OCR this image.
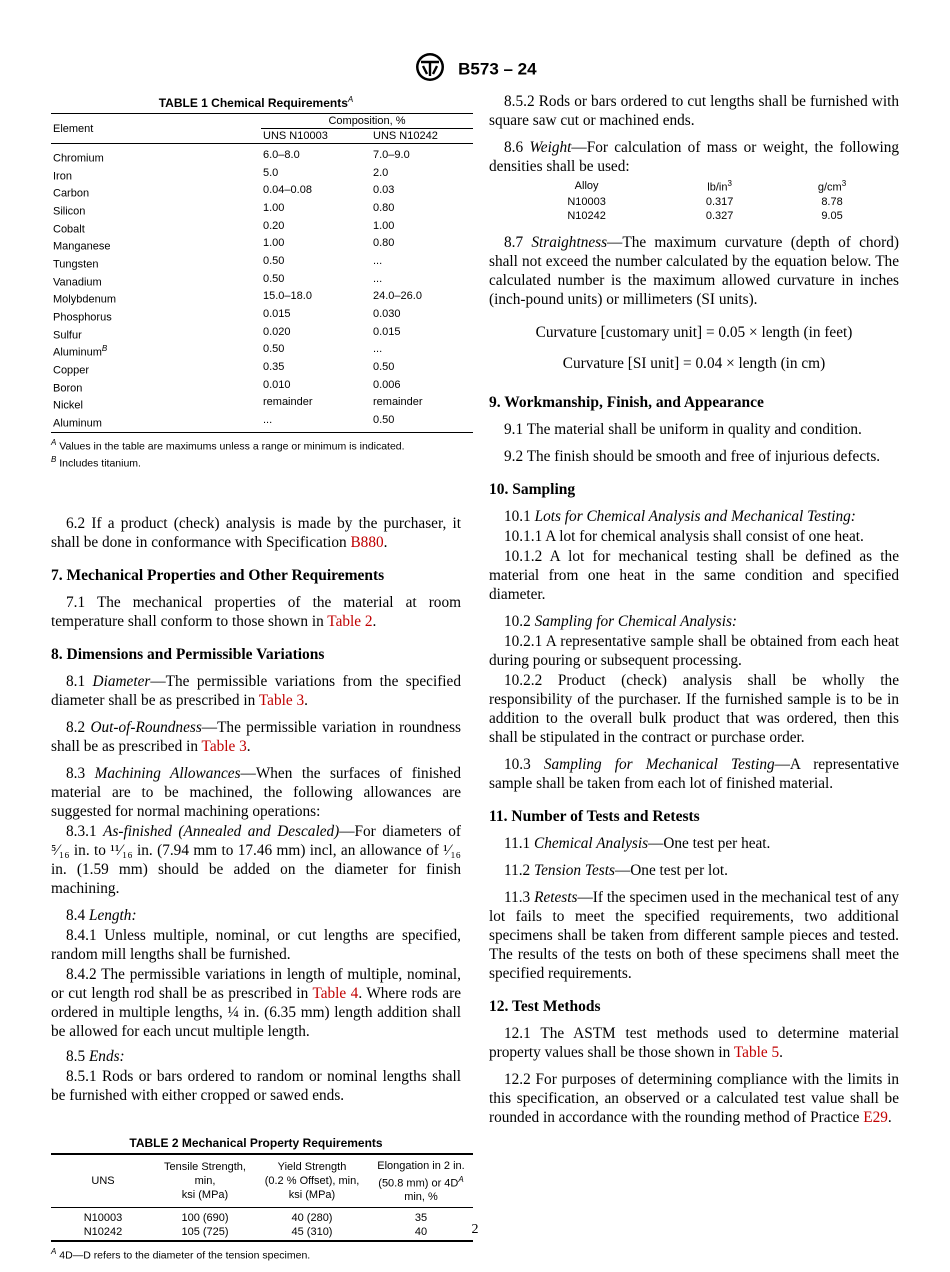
B573 – 24
TABLE 1 Chemical Requirements$^A$
Element	Composition, %	
	UNS N10003	UNS N10242
Chromium	6.0–8.0	7.0–9.0
Iron	5.0	2.0
Carbon	0.04–0.08	0.03
Silicon	1.00	0.80
Cobalt	0.20	1.00
Manganese	1.00	0.80
Tungsten	0.50	...
Vanadium	0.50	...
Molybdenum	15.0–18.0	24.0–26.0
Phosphorus	0.015	0.030
Sulfur	0.020	0.015
Aluminum$^B$	0.50	...
Copper	0.35	0.50
Boron	0.010	0.006
Nickel	remainder	remainder
Aluminum	...	0.50

$^A$ Values in the table are maximums unless a range or minimum is indicated.

$^B$ Includes titanium.

6.2 If a product (check) analysis is made by the purchaser, it shall be done in conformance with Specification B880.

7. Mechanical Properties and Other Requirements

7.1 The mechanical properties of the material at room temperature shall conform to those shown in Table 2.

8. Dimensions and Permissible Variations

8.1 Diameter—The permissible variations from the specified diameter shall be as prescribed in Table 3.

8.2 Out-of-Roundness—The permissible variation in roundness shall be as prescribed in Table 3.

8.3 Machining Allowances—When the surfaces of finished material are to be machined, the following allowances are suggested for normal machining operations:

8.3.1 As-finished (Annealed and Descaled)—For diameters of ⁵⁄₁₆ in. to ¹¹⁄₁₆ in. (7.94 mm to 17.46 mm) incl, an allowance of ¹⁄₁₆ in. (1.59 mm) should be added on the diameter for finish machining.

8.4 Length:

8.4.1 Unless multiple, nominal, or cut lengths are specified, random mill lengths shall be furnished.

8.4.2 The permissible variations in length of multiple, nominal, or cut length rod shall be as prescribed in Table 4. Where rods are ordered in multiple lengths, ¼ in. (6.35 mm) length addition shall be allowed for each uncut multiple length.

8.5 Ends:

8.5.1 Rods or bars ordered to random or nominal lengths shall be furnished with either cropped or sawed ends.

TABLE 2 Mechanical Property Requirements
UNS	Tensile Strength,
min,
ksi (MPa)	Yield Strength
(0.2 % Offset), min,
ksi (MPa)	Elongation in 2 in.
(50.8 mm) or $4D^A$
min, %
N10003	100 (690)	40 (280)	35
N10242	105 (725)	45 (310)	40

$^A$ 4D—D refers to the diameter of the tension specimen.

8.5.2 Rods or bars ordered to cut lengths shall be furnished with square saw cut or machined ends.

8.6 Weight—For calculation of mass or weight, the following densities shall be used:

Alloy	$lb/in^3$	$g/cm^3$
N10003	0.317	8.78
N10242	0.327	9.05

8.7 Straightness—The maximum curvature (depth of chord) shall not exceed the number calculated by the equation below. The calculated number is the maximum allowed curvature in inches (inch-pound units) or millimeters (SI units).

Curvature [customary unit] = 0.05 × length (in feet)
Curvature [SI unit] = 0.04 × length (in cm)
9. Workmanship, Finish, and Appearance

9.1 The material shall be uniform in quality and condition.

9.2 The finish should be smooth and free of injurious defects.

10. Sampling

10.1 Lots for Chemical Analysis and Mechanical Testing:

10.1.1 A lot for chemical analysis shall consist of one heat.

10.1.2 A lot for mechanical testing shall be defined as the material from one heat in the same condition and specified diameter.

10.2 Sampling for Chemical Analysis:

10.2.1 A representative sample shall be obtained from each heat during pouring or subsequent processing.

10.2.2 Product (check) analysis shall be wholly the responsibility of the purchaser. If the furnished sample is to be in addition to the overall bulk product that was ordered, then this shall be stipulated in the contract or purchase order.

10.3 Sampling for Mechanical Testing—A representative sample shall be taken from each lot of finished material.

11. Number of Tests and Retests

11.1 Chemical Analysis—One test per heat.

11.2 Tension Tests—One test per lot.

11.3 Retests—If the specimen used in the mechanical test of any lot fails to meet the specified requirements, two additional specimens shall be taken from different sample pieces and tested. The results of the tests on both of these specimens shall meet the specified requirements.

12. Test Methods

12.1 The ASTM test methods used to determine material property values shall be those shown in Table 5.

12.2 For purposes of determining compliance with the limits in this specification, an observed or a calculated test value shall be rounded in accordance with the rounding method of Practice E29.

2
